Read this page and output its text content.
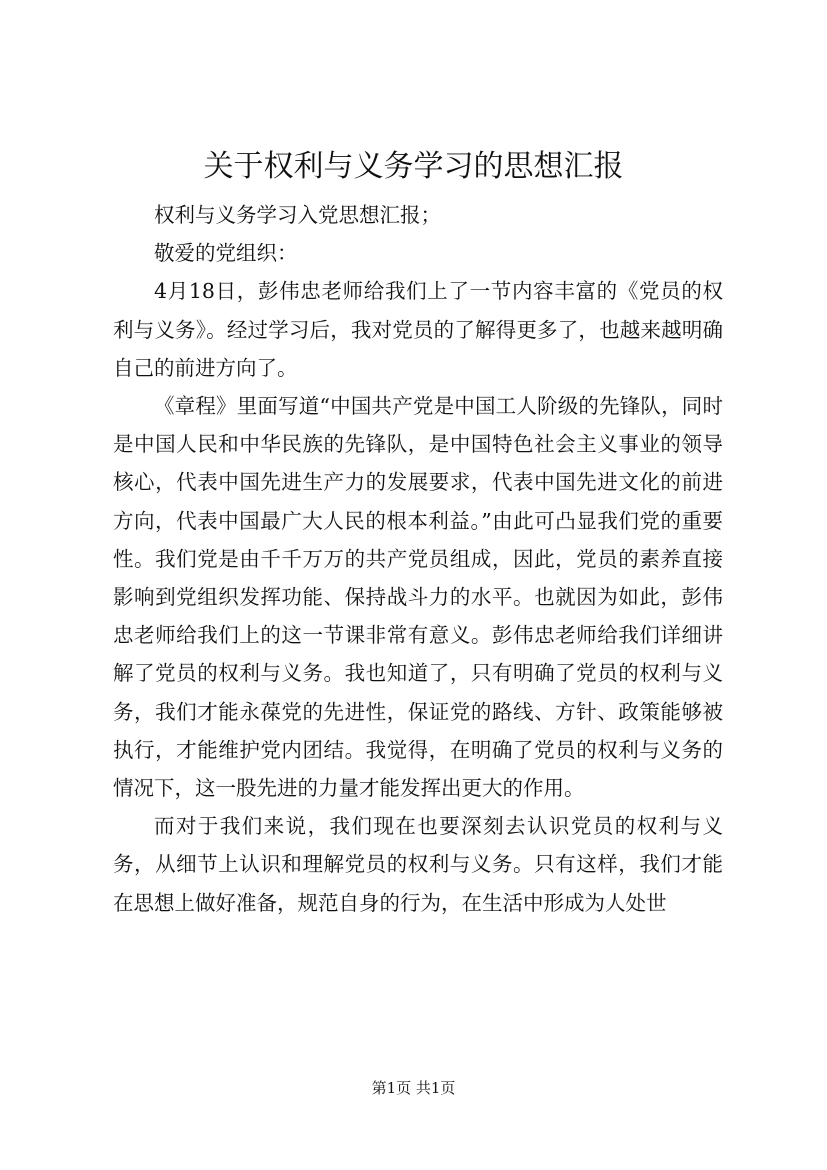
关于权利与义务学习的思想汇报

权利与义务学习入党思想汇报；

敬爱的党组织：

4月18日，彭伟忠老师给我们上了一节内容丰富的《党员的权利与义务》。经过学习后，我对党员的了解得更多了，也越来越明确自己的前进方向了。

《章程》里面写道“中国共产党是中国工人阶级的先锋队，同时是中国人民和中华民族的先锋队，是中国特色社会主义事业的领导核心，代表中国先进生产力的发展要求，代表中国先进文化的前进方向，代表中国最广大人民的根本利益。”由此可凸显我们党的重要性。我们党是由千千万万的共产党员组成，因此，党员的素养直接影响到党组织发挥功能、保持战斗力的水平。也就因为如此，彭伟忠老师给我们上的这一节课非常有意义。彭伟忠老师给我们详细讲解了党员的权利与义务。我也知道了，只有明确了党员的权利与义务，我们才能永葆党的先进性，保证党的路线、方针、政策能够被执行，才能维护党内团结。我觉得，在明确了党员的权利与义务的情况下，这一股先进的力量才能发挥出更大的作用。

而对于我们来说，我们现在也要深刻去认识党员的权利与义务，从细节上认识和理解党员的权利与义务。只有这样，我们才能在思想上做好准备，规范自身的行为，在生活中形成为人处世

第1页 共1页
